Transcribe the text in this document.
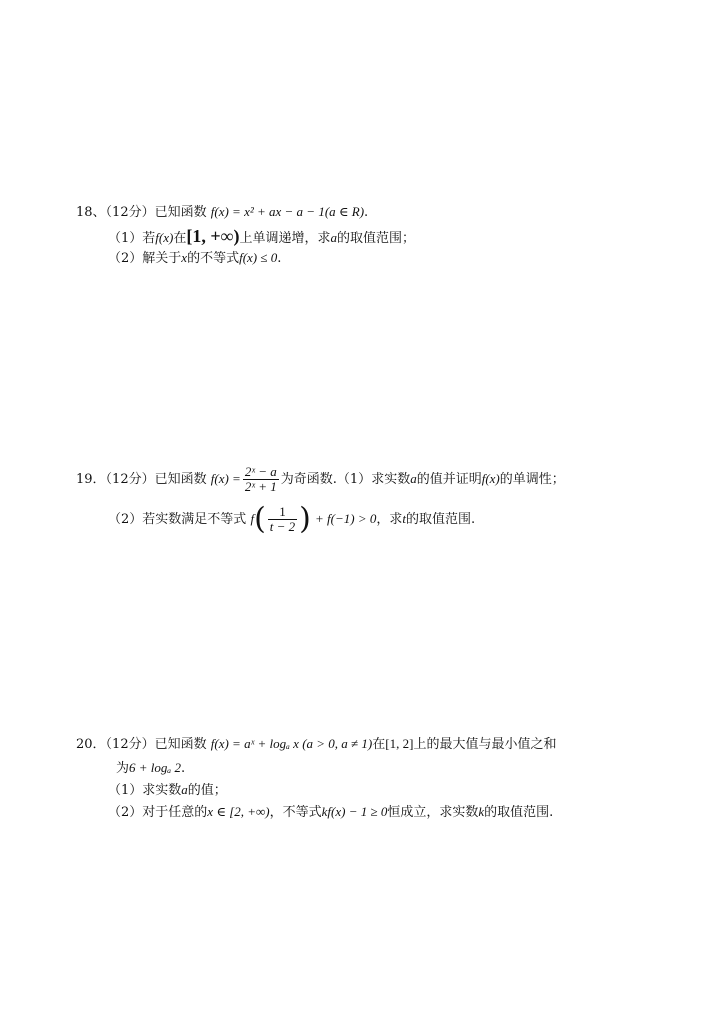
18、（12分）已知函数 f(x) = x² + ax − a − 1(a ∈ R).
（1）若f(x)在[1, +∞)上单调递增，求a的取值范围；
（2）解关于x的不等式f(x) ≤ 0.
19．（12分）已知函数 $f(x) = \frac{\text{2ˣ − a}}{\text{2ˣ + 1}}$ 为奇函数.（1）求实数a的值并证明f(x)的单调性；
（2）若实数满足不等式 $f( \frac{1}{t - 2}$ ) + f(−1) > 0，求t的取值范围.
20．（12分）已知函数 f(x) = aˣ + logₐ x (a > 0, a ≠ 1)在[1, 2]上的最大值与最小值之和
为6 + logₐ 2.
（1）求实数a的值；
（2）对于任意的x ∈ [2, +∞)，不等式kf(x) − 1 ≥ 0恒成立，求实数k的取值范围.
